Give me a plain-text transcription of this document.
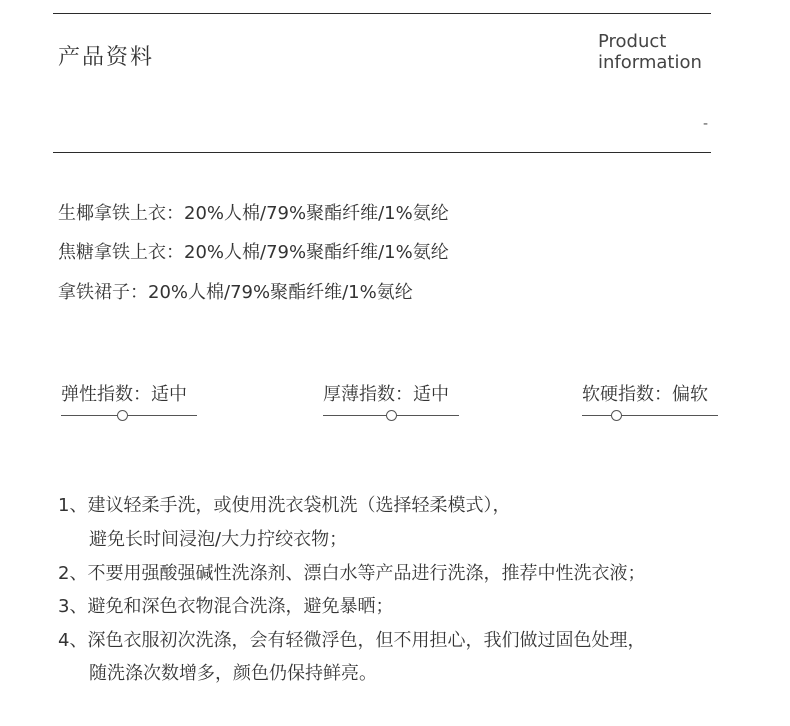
产品资料
Product
information
-
生椰拿铁上衣：20%人棉/79%聚酯纤维/1%氨纶
焦糖拿铁上衣：20%人棉/79%聚酯纤维/1%氨纶
拿铁裙子：20%人棉/79%聚酯纤维/1%氨纶
弹性指数：适中	厚薄指数：适中	软硬指数：偏软
1、建议轻柔手洗，或使用洗衣袋机洗（选择轻柔模式），
避免长时间浸泡/大力拧绞衣物；
2、不要用强酸强碱性洗涤剂、漂白水等产品进行洗涤，推荐中性洗衣液；
3、避免和深色衣物混合洗涤，避免暴晒；
4、深色衣服初次洗涤，会有轻微浮色，但不用担心，我们做过固色处理，
随洗涤次数增多，颜色仍保持鲜亮。
